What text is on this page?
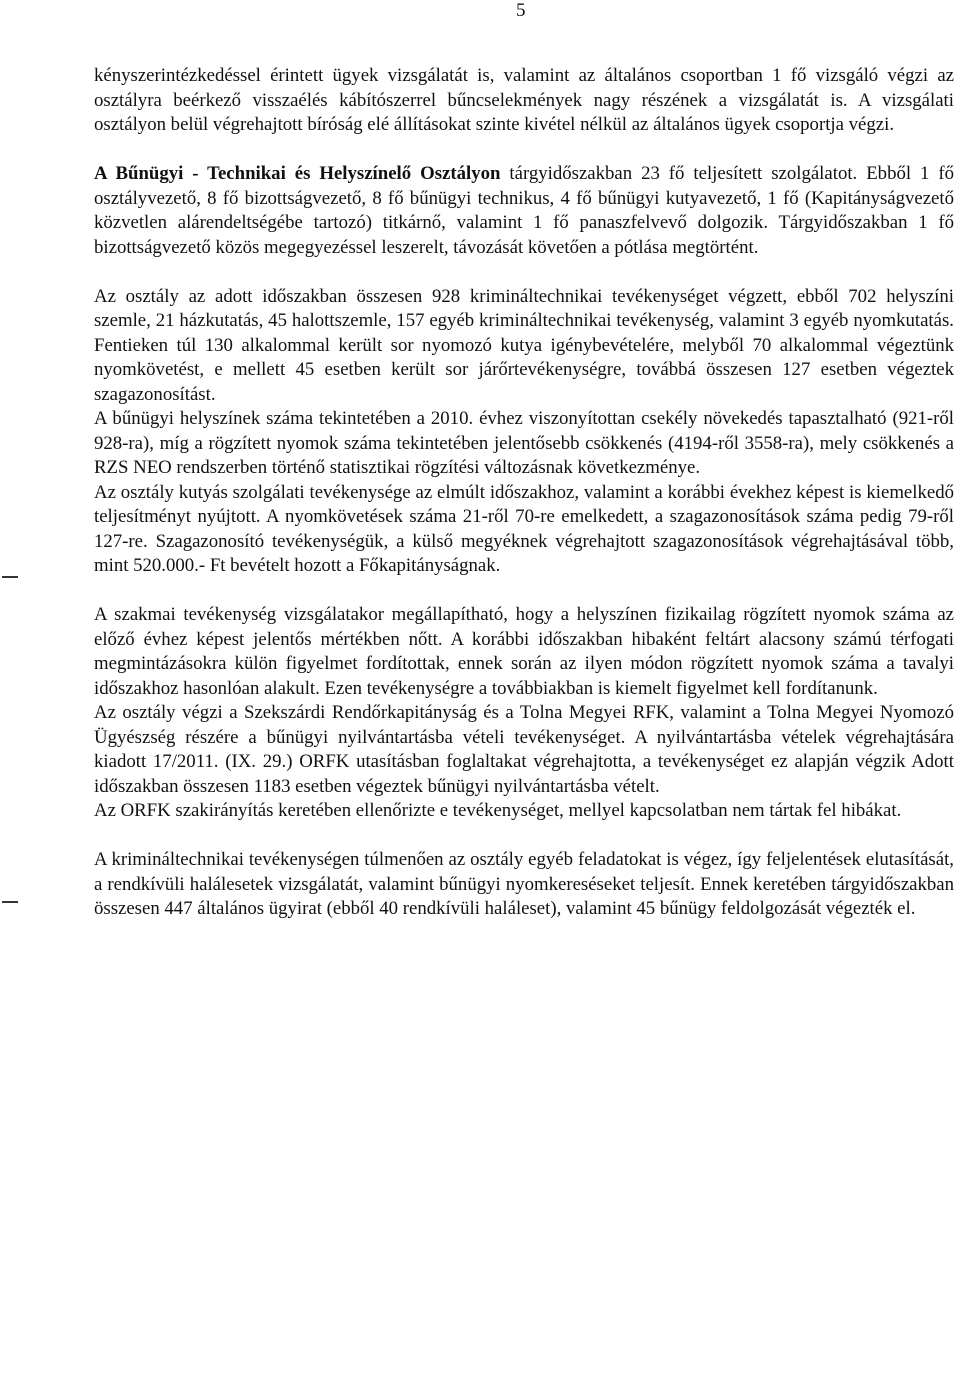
5

kényszerintézkedéssel érintett ügyek vizsgálatát is, valamint az általános csoportban 1 fő vizsgáló végzi az osztályra beérkező visszaélés kábítószerrel bűncselekmények nagy részének a vizsgálatát is. A vizsgálati osztályon belül végrehajtott bíróság elé állításokat szinte kivétel nélkül az általános ügyek csoportja végzi.

A Bűnügyi - Technikai és Helyszínelő Osztályon tárgyidőszakban 23 fő teljesített szolgálatot. Ebből 1 fő osztályvezető, 8 fő bizottságvezető, 8 fő bűnügyi technikus, 4 fő bűnügyi kutyavezető, 1 fő (Kapitányságvezető közvetlen alárendeltségébe tartozó) titkárnő, valamint 1 fő panaszfelvevő dolgozik. Tárgyidőszakban 1 fő bizottságvezető közös megegyezéssel leszerelt, távozását követően a pótlása megtörtént.

Az osztály az adott időszakban összesen 928 krimináltechnikai tevékenységet végzett, ebből 702 helyszíni szemle, 21 házkutatás, 45 halottszemle, 157 egyéb krimináltechnikai tevékenység, valamint 3 egyéb nyomkutatás. Fentieken túl 130 alkalommal került sor nyomozó kutya igénybevételére, melyből 70 alkalommal végeztünk nyomkövetést, e mellett 45 esetben került sor járőrtevékenységre, továbbá összesen 127 esetben végeztek szagazonosítást.

A bűnügyi helyszínek száma tekintetében a 2010. évhez viszonyítottan csekély növekedés tapasztalható (921-ről 928-ra), míg a rögzített nyomok száma tekintetében jelentősebb csökkenés (4194-ről 3558-ra), mely csökkenés a RZS NEO rendszerben történő statisztikai rögzítési változásnak következménye.

Az osztály kutyás szolgálati tevékenysége az elmúlt időszakhoz, valamint a korábbi évekhez képest is kiemelkedő teljesítményt nyújtott. A nyomkövetések száma 21-ről 70-re emelkedett, a szagazonosítások száma pedig 79-ről 127-re. Szagazonosító tevékenységük, a külső megyéknek végrehajtott szagazonosítások végrehajtásával több, mint 520.000.- Ft bevételt hozott a Főkapitányságnak.

A szakmai tevékenység vizsgálatakor megállapítható, hogy a helyszínen fizikailag rögzített nyomok száma az előző évhez képest jelentős mértékben nőtt. A korábbi időszakban hibaként feltárt alacsony számú térfogati megmintázásokra külön figyelmet fordítottak, ennek során az ilyen módon rögzített nyomok száma a tavalyi időszakhoz hasonlóan alakult. Ezen tevékenységre a továbbiakban is kiemelt figyelmet kell fordítanunk.

Az osztály végzi a Szekszárdi Rendőrkapitányság és a Tolna Megyei RFK, valamint a Tolna Megyei Nyomozó Ügyészség részére a bűnügyi nyilvántartásba vételi tevékenységet. A nyilvántartásba vételek végrehajtására kiadott 17/2011. (IX. 29.) ORFK utasításban foglaltakat végrehajtotta, a tevékenységet ez alapján végzik Adott időszakban összesen 1183 esetben végeztek bűnügyi nyilvántartásba vételt.

Az ORFK szakirányítás keretében ellenőrizte e tevékenységet, mellyel kapcsolatban nem tártak fel hibákat.

A krimináltechnikai tevékenységen túlmenően az osztály egyéb feladatokat is végez, így feljelentések elutasítását, a rendkívüli halálesetek vizsgálatát, valamint bűnügyi nyomkereséseket teljesít. Ennek keretében tárgyidőszakban összesen 447 általános ügyirat (ebből 40 rendkívüli haláleset), valamint 45 bűnügy feldolgozását végezték el.
